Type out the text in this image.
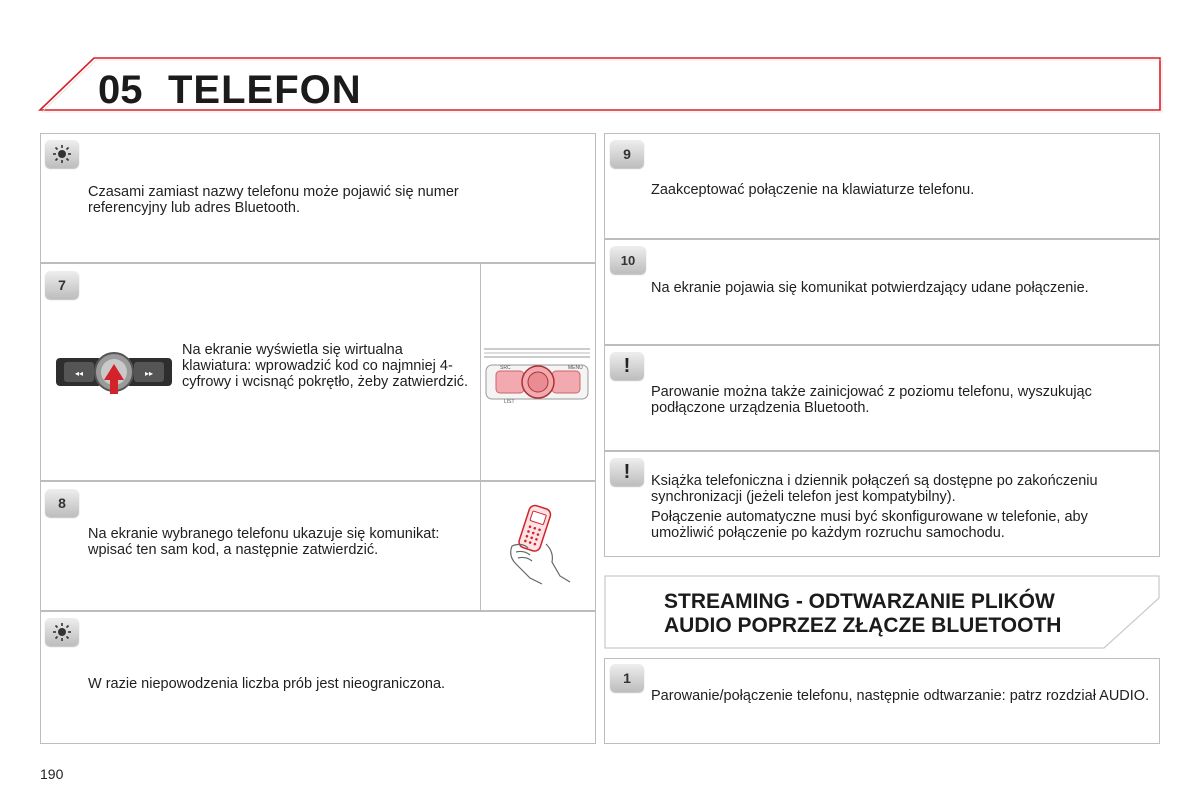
05 TELEFON
Czasami zamiast nazwy telefonu może pojawić się numer referencyjny lub adres Bluetooth.
7
Na ekranie wyświetla się wirtualna klawiatura: wprowadzić kod co najmniej 4-cyfrowy i wcisnąć pokrętło, żeby zatwierdzić.
◂◂	▸▸
SRC	MENU
LIST
8
Na ekranie wybranego telefonu ukazuje się komunikat: wpisać ten sam kod, a następnie zatwierdzić.
W razie niepowodzenia liczba prób jest nieograniczona.
9
Zaakceptować połączenie na klawiaturze telefonu.
10
Na ekranie pojawia się komunikat potwierdzający udane połączenie.
!
Parowanie można także zainicjować z poziomu telefonu, wyszukując podłączone urządzenia Bluetooth.
!	Książka telefoniczna i dziennik połączeń są dostępne po zakończeniu synchronizacji (jeżeli telefon jest kompatybilny).
Połączenie automatyczne musi być skonfigurowane w telefonie, aby umożliwić połączenie po każdym rozruchu samochodu.
STREAMING - ODTWARZANIE PLIKÓW
AUDIO POPRZEZ ZŁĄCZE BLUETOOTH
1
Parowanie/połączenie telefonu, następnie odtwarzanie: patrz rozdział AUDIO.
190
